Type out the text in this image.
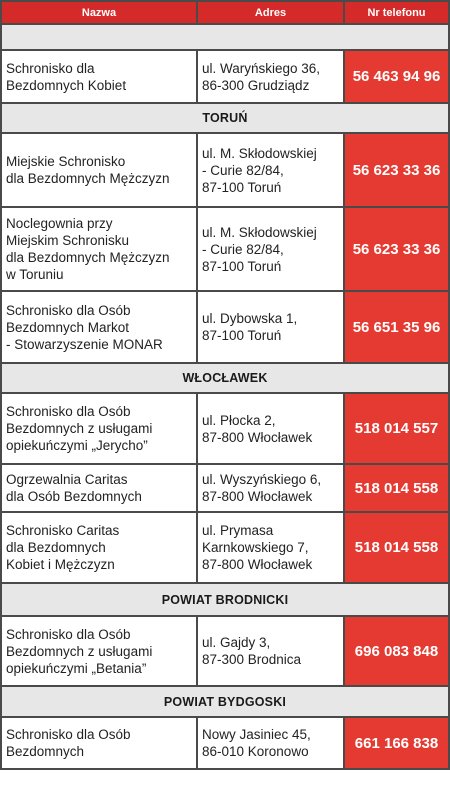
Nazwa	Adres	Nr telefonu

Schronisko dla
Bezdomnych Kobiet	ul. Waryńskiego 36,
86-300 Grudziądz	56 463 94 96
TORUŃ		

Miejskie Schronisko
dla Bezdomnych Mężczyzn	ul. M. Skłodowskiej
- Curie 82/84,
87-100 Toruń	56 623 33 36

Noclegownia przy
Miejskim Schronisku
dla Bezdomnych Mężczyzn
w Toruniu	ul. M. Skłodowskiej
- Curie 82/84,
87-100 Toruń	56 623 33 36

Schronisko dla Osób
Bezdomnych Markot
- Stowarzyszenie MONAR	ul. Dybowska 1,
87-100 Toruń	56 651 35 96
WŁOCŁAWEK		

Schronisko dla Osób
Bezdomnych z usługami
opiekuńczymi „Jerycho”	ul. Płocka 2,
87-800 Włocławek	518 014 557

Ogrzewalnia Caritas
dla Osób Bezdomnych	ul. Wyszyńskiego 6,
87-800 Włocławek	518 014 558

Schronisko Caritas
dla Bezdomnych
Kobiet i Mężczyzn	ul. Prymasa
Karnkowskiego 7,
87-800 Włocławek	518 014 558
POWIAT BRODNICKI		

Schronisko dla Osób
Bezdomnych z usługami
opiekuńczymi „Betania”	ul. Gajdy 3,
87-300 Brodnica	696 083 848
POWIAT BYDGOSKI		

Schronisko dla Osób
Bezdomnych	Nowy Jasiniec 45,
86-010 Koronowo	661 166 838
